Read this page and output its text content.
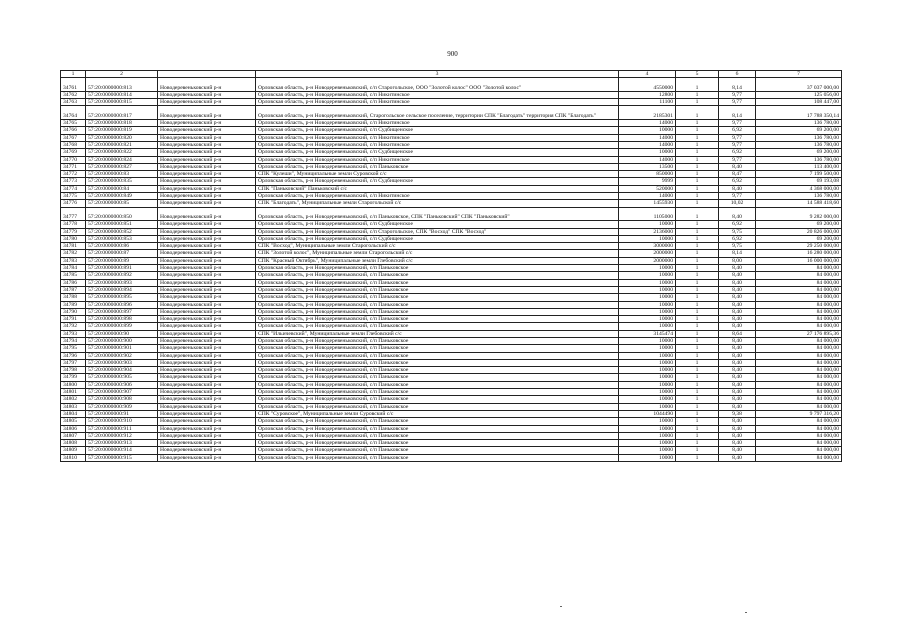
900
1	2		3	4	5	6	7
34761	57:20:0000000:813	Новодеревеньковский р-н	Орловская область, р-н Новодеревеньковский, с/п Старогольское, ООО "Золотой колос" ООО "Золотой колос"	4550000	1	8,14	37 037 000,00
34762	57:20:0000000:814	Новодеревеньковский р-н	Орловская область, р-н Новодеревеньковский, с/п Никитинское	12800	1	9,77	125 056,00
34763	57:20:0000000:815	Новодеревеньковский р-н	Орловская область, р-н Новодеревеньковский, с/п Никитинское	11100	1	9,77	108 447,00
34764	57:20:0000000:817	Новодеревеньковский р-н	Орловская область, р-н Новодеревеньковский, Старогольское сельское поселение, территории СПК "Благодать" территория СПК "Благодать"	2185301	1	8,14	17 788 350,14
34765	57:20:0000000:818	Новодеревеньковский р-н	Орловская область, р-н Новодеревеньковский, с/п Никитинское	14000	1	9,77	136 780,00
34766	57:20:0000000:819	Новодеревеньковский р-н	Орловская область, р-н Новодеревеньковский, с/п Судбищенское	10000	1	6,92	69 200,00
34767	57:20:0000000:820	Новодеревеньковский р-н	Орловская область, р-н Новодеревеньковский, с/п Никитинское	14000	1	9,77	136 780,00
34768	57:20:0000000:821	Новодеревеньковский р-н	Орловская область, р-н Новодеревеньковский, с/п Никитинское	14000	1	9,77	136 780,00
34769	57:20:0000000:822	Новодеревеньковский р-н	Орловская область, р-н Новодеревеньковский, с/п Судбищенское	10000	1	6,92	69 200,00
34770	57:20:0000000:824	Новодеревеньковский р-н	Орловская область, р-н Новодеревеньковский, с/п Никитинское	14000	1	9,77	136 780,00
34771	57:20:0000000:827	Новодеревеньковский р-н	Орловская область, р-н Новодеревеньковский, с/п Паньковское	13500	1	8,40	113 400,00
34772	57:20:0000000:83	Новодеревеньковский р-н	СПК "Кулеши", Муниципальные земли Суровской с/с	850000	1	8,47	7 199 500,00
34773	57:20:0000000:835	Новодеревеньковский р-н	Орловская область, р-н Новодеревеньковский, с/п Судбищенское	9999	1	6,92	69 193,08
34774	57:20:0000000:84	Новодеревеньковский р-н	СПК "Паньковский" Паньковский с/с	520000	1	8,40	4 368 000,00
34775	57:20:0000000:849	Новодеревеньковский р-н	Орловская область, р-н Новодеревеньковский, с/п Никитинское	14000	1	9,77	136 780,00
34776	57:20:0000000:85	Новодеревеньковский р-н	СПК "Благодать", Муниципальные земли Старогольской с/с	1455930	1	10,02	14 588 418,60
34777	57:20:0000000:850	Новодеревеньковский р-н	Орловская область, р-н Новодеревеньковский, с/п Паньковское, СПК "Паньковский" СПК "Паньковский"	1105000	1	8,40	9 282 000,00
34778	57:20:0000000:851	Новодеревеньковский р-н	Орловская область, р-н Новодеревеньковский, с/п Судбищенское	10000	1	6,92	69 200,00
34779	57:20:0000000:852	Новодеревеньковский р-н	Орловская область, р-н Новодеревеньковский, с/п Старогольское, СПК "Восход" СПК "Восход"	2136000	1	9,75	20 826 000,00
34780	57:20:0000000:853	Новодеревеньковский р-н	Орловская область, р-н Новодеревеньковский, с/п Судбищенское	10000	1	6,92	69 200,00
34781	57:20:0000000:86	Новодеревеньковский р-н	СПК "Восход", Муниципальные земли Старогольский с/с	3000000	1	9,75	29 250 000,00
34782	57:20:0000000:87	Новодеревеньковский р-н	СПК "Золотой колос", Муниципальные земли Старогольский с/с	2000000	1	8,14	16 280 000,00
34783	57:20:0000000:89	Новодеревеньковский р-н	СПК "Красный Октябрь", Муниципальные земли Глебовский с/с	2000000	1	8,00	16 000 000,00
34784	57:20:0000000:891	Новодеревеньковский р-н	Орловская область, р-н Новодеревеньковский, с/п Паньковское	10000	1	8,40	84 000,00
34785	57:20:0000000:892	Новодеревеньковский р-н	Орловская область, р-н Новодеревеньковский, с/п Паньковское	10000	1	8,40	84 000,00
34786	57:20:0000000:893	Новодеревеньковский р-н	Орловская область, р-н Новодеревеньковский, с/п Паньковское	10000	1	8,40	84 000,00
34787	57:20:0000000:894	Новодеревеньковский р-н	Орловская область, р-н Новодеревеньковский, с/п Паньковское	10000	1	8,40	84 000,00
34788	57:20:0000000:895	Новодеревеньковский р-н	Орловская область, р-н Новодеревеньковский, с/п Паньковское	10000	1	8,40	84 000,00
34789	57:20:0000000:896	Новодеревеньковский р-н	Орловская область, р-н Новодеревеньковский, с/п Паньковское	10000	1	8,40	84 000,00
34790	57:20:0000000:897	Новодеревеньковский р-н	Орловская область, р-н Новодеревеньковский, с/п Паньковское	10000	1	8,40	84 000,00
34791	57:20:0000000:898	Новодеревеньковский р-н	Орловская область, р-н Новодеревеньковский, с/п Паньковское	10000	1	8,40	84 000,00
34792	57:20:0000000:899	Новодеревеньковский р-н	Орловская область, р-н Новодеревеньковский, с/п Паньковское	10000	1	8,40	84 000,00
34793	57:20:0000000:90	Новодеревеньковский р-н	СПК "Ильичевский", Муниципальные земли Глебовский с/с	3145474	1	8,64	27 176 895,36
34794	57:20:0000000:900	Новодеревеньковский р-н	Орловская область, р-н Новодеревеньковский, с/п Паньковское	10000	1	8,40	84 000,00
34795	57:20:0000000:901	Новодеревеньковский р-н	Орловская область, р-н Новодеревеньковский, с/п Паньковское	10000	1	8,40	84 000,00
34796	57:20:0000000:902	Новодеревеньковский р-н	Орловская область, р-н Новодеревеньковский, с/п Паньковское	10000	1	8,40	84 000,00
34797	57:20:0000000:903	Новодеревеньковский р-н	Орловская область, р-н Новодеревеньковский, с/п Паньковское	10000	1	8,40	84 000,00
34798	57:20:0000000:904	Новодеревеньковский р-н	Орловская область, р-н Новодеревеньковский, с/п Паньковское	10000	1	8,40	84 000,00
34799	57:20:0000000:905	Новодеревеньковский р-н	Орловская область, р-н Новодеревеньковский, с/п Паньковское	10000	1	8,40	84 000,00
34800	57:20:0000000:906	Новодеревеньковский р-н	Орловская область, р-н Новодеревеньковский, с/п Паньковское	10000	1	8,40	84 000,00
34801	57:20:0000000:907	Новодеревеньковский р-н	Орловская область, р-н Новодеревеньковский, с/п Паньковское	10000	1	8,40	84 000,00
34802	57:20:0000000:908	Новодеревеньковский р-н	Орловская область, р-н Новодеревеньковский, с/п Паньковское	10000	1	8,40	84 000,00
34803	57:20:0000000:909	Новодеревеньковский р-н	Орловская область, р-н Новодеревеньковский, с/п Паньковское	10000	1	8,40	84 000,00
34804	57:20:0000000:91	Новодеревеньковский р-н	СПК "Суровское", Муниципальные земли Суровский с/с	1044490	1	9,38	9 797 316,20
34805	57:20:0000000:910	Новодеревеньковский р-н	Орловская область, р-н Новодеревеньковский, с/п Паньковское	10000	1	8,40	84 000,00
34806	57:20:0000000:911	Новодеревеньковский р-н	Орловская область, р-н Новодеревеньковский, с/п Паньковское	10000	1	8,40	84 000,00
34807	57:20:0000000:912	Новодеревеньковский р-н	Орловская область, р-н Новодеревеньковский, с/п Паньковское	10000	1	8,40	84 000,00
34808	57:20:0000000:913	Новодеревеньковский р-н	Орловская область, р-н Новодеревеньковский, с/п Паньковское	10000	1	8,40	84 000,00
34809	57:20:0000000:914	Новодеревеньковский р-н	Орловская область, р-н Новодеревеньковский, с/п Паньковское	10000	1	8,40	84 000,00
34810	57:20:0000000:915	Новодеревеньковский р-н	Орловская область, р-н Новодеревеньковский, с/п Паньковское	10000	1	8,40	84 000,00
